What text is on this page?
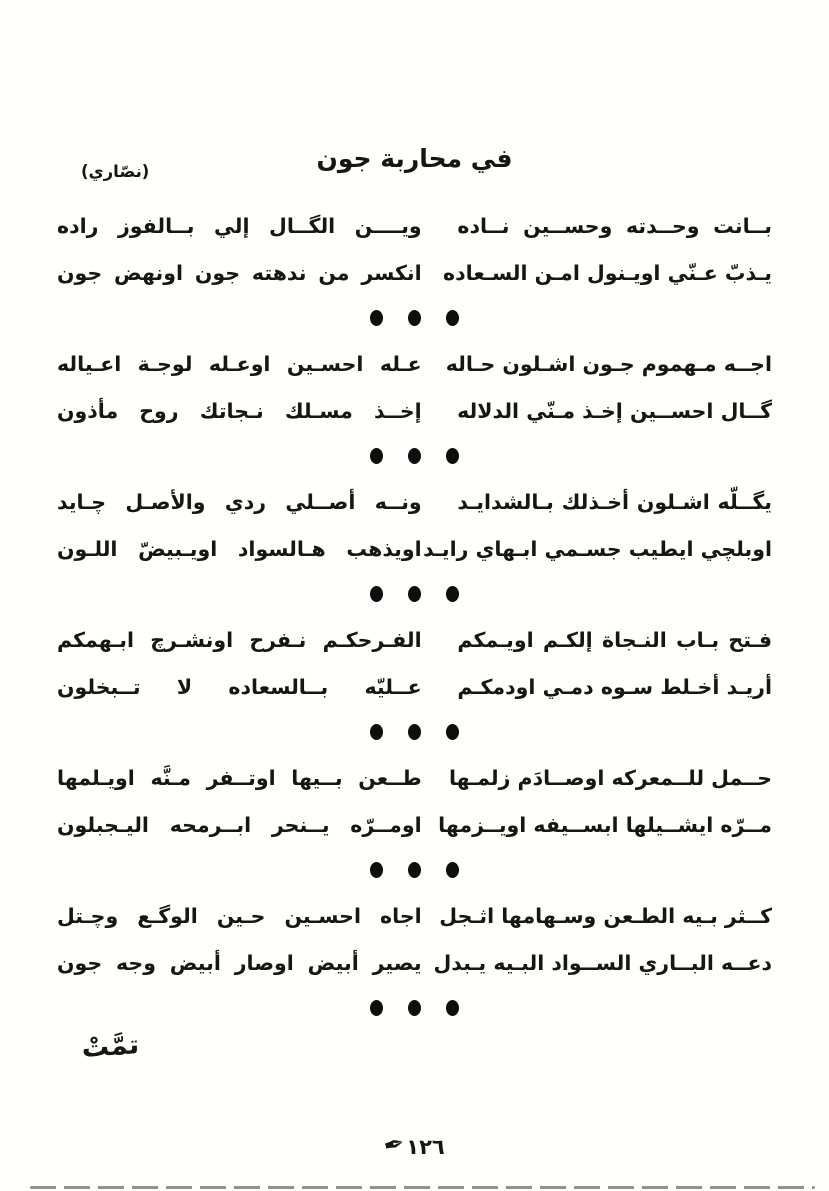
في محاربة جون
(نصّاري)
بــانت وحــدته وحســين نــاده
ويــــن الگــال إلي بــالفوز راده
يـذبّ عـنّي اويـنول امـن السـعاده
انكسر من ندهته جون اونهض جون
اجــه مـهموم جـون اشـلون حـاله
عـله احسـين اوعـله لوجـة اعـياله
گــال احســين إخـذ مـنّي الدلاله
إخــذ مسـلك نـجاتك روح مأذون
يگــلّه اشـلون أخـذلك بـالشدايـد
ونــه أصــلي ردي والأصـل چـايد
اوبلچي ايطيب جسـمي ابـهاي رايـد
اويذهب هـالسواد اويـبيضّ اللـون
فـتح بـاب النـجاة إلكـم اويـمكم
الفـرحكـم نـفرح اونشـرچ ابـهمكم
أريـد أخـلط سـوه دمـي اودمكـم
عــليّه بــالسعاده لا تــبخلون
حــمل للــمعركه اوصــادَم زلمـها
طــعن بــيها اوتــفر مـنَّه اويـلمها
مــرّه ايشــيلها ابســيفه اويــزمها
اومــرّه يــنحر ابــرمحه اليـجبلون
كــثر بـيه الطـعن وسـهامها اثـجل
اجاه احسـين حـين الوگـع وچـتل
دعــه البــاري الســواد البـيه يـبدل
يصير أبيض اوصار أبيض وجه جون
تمَّتْ
✒
١٢٦
